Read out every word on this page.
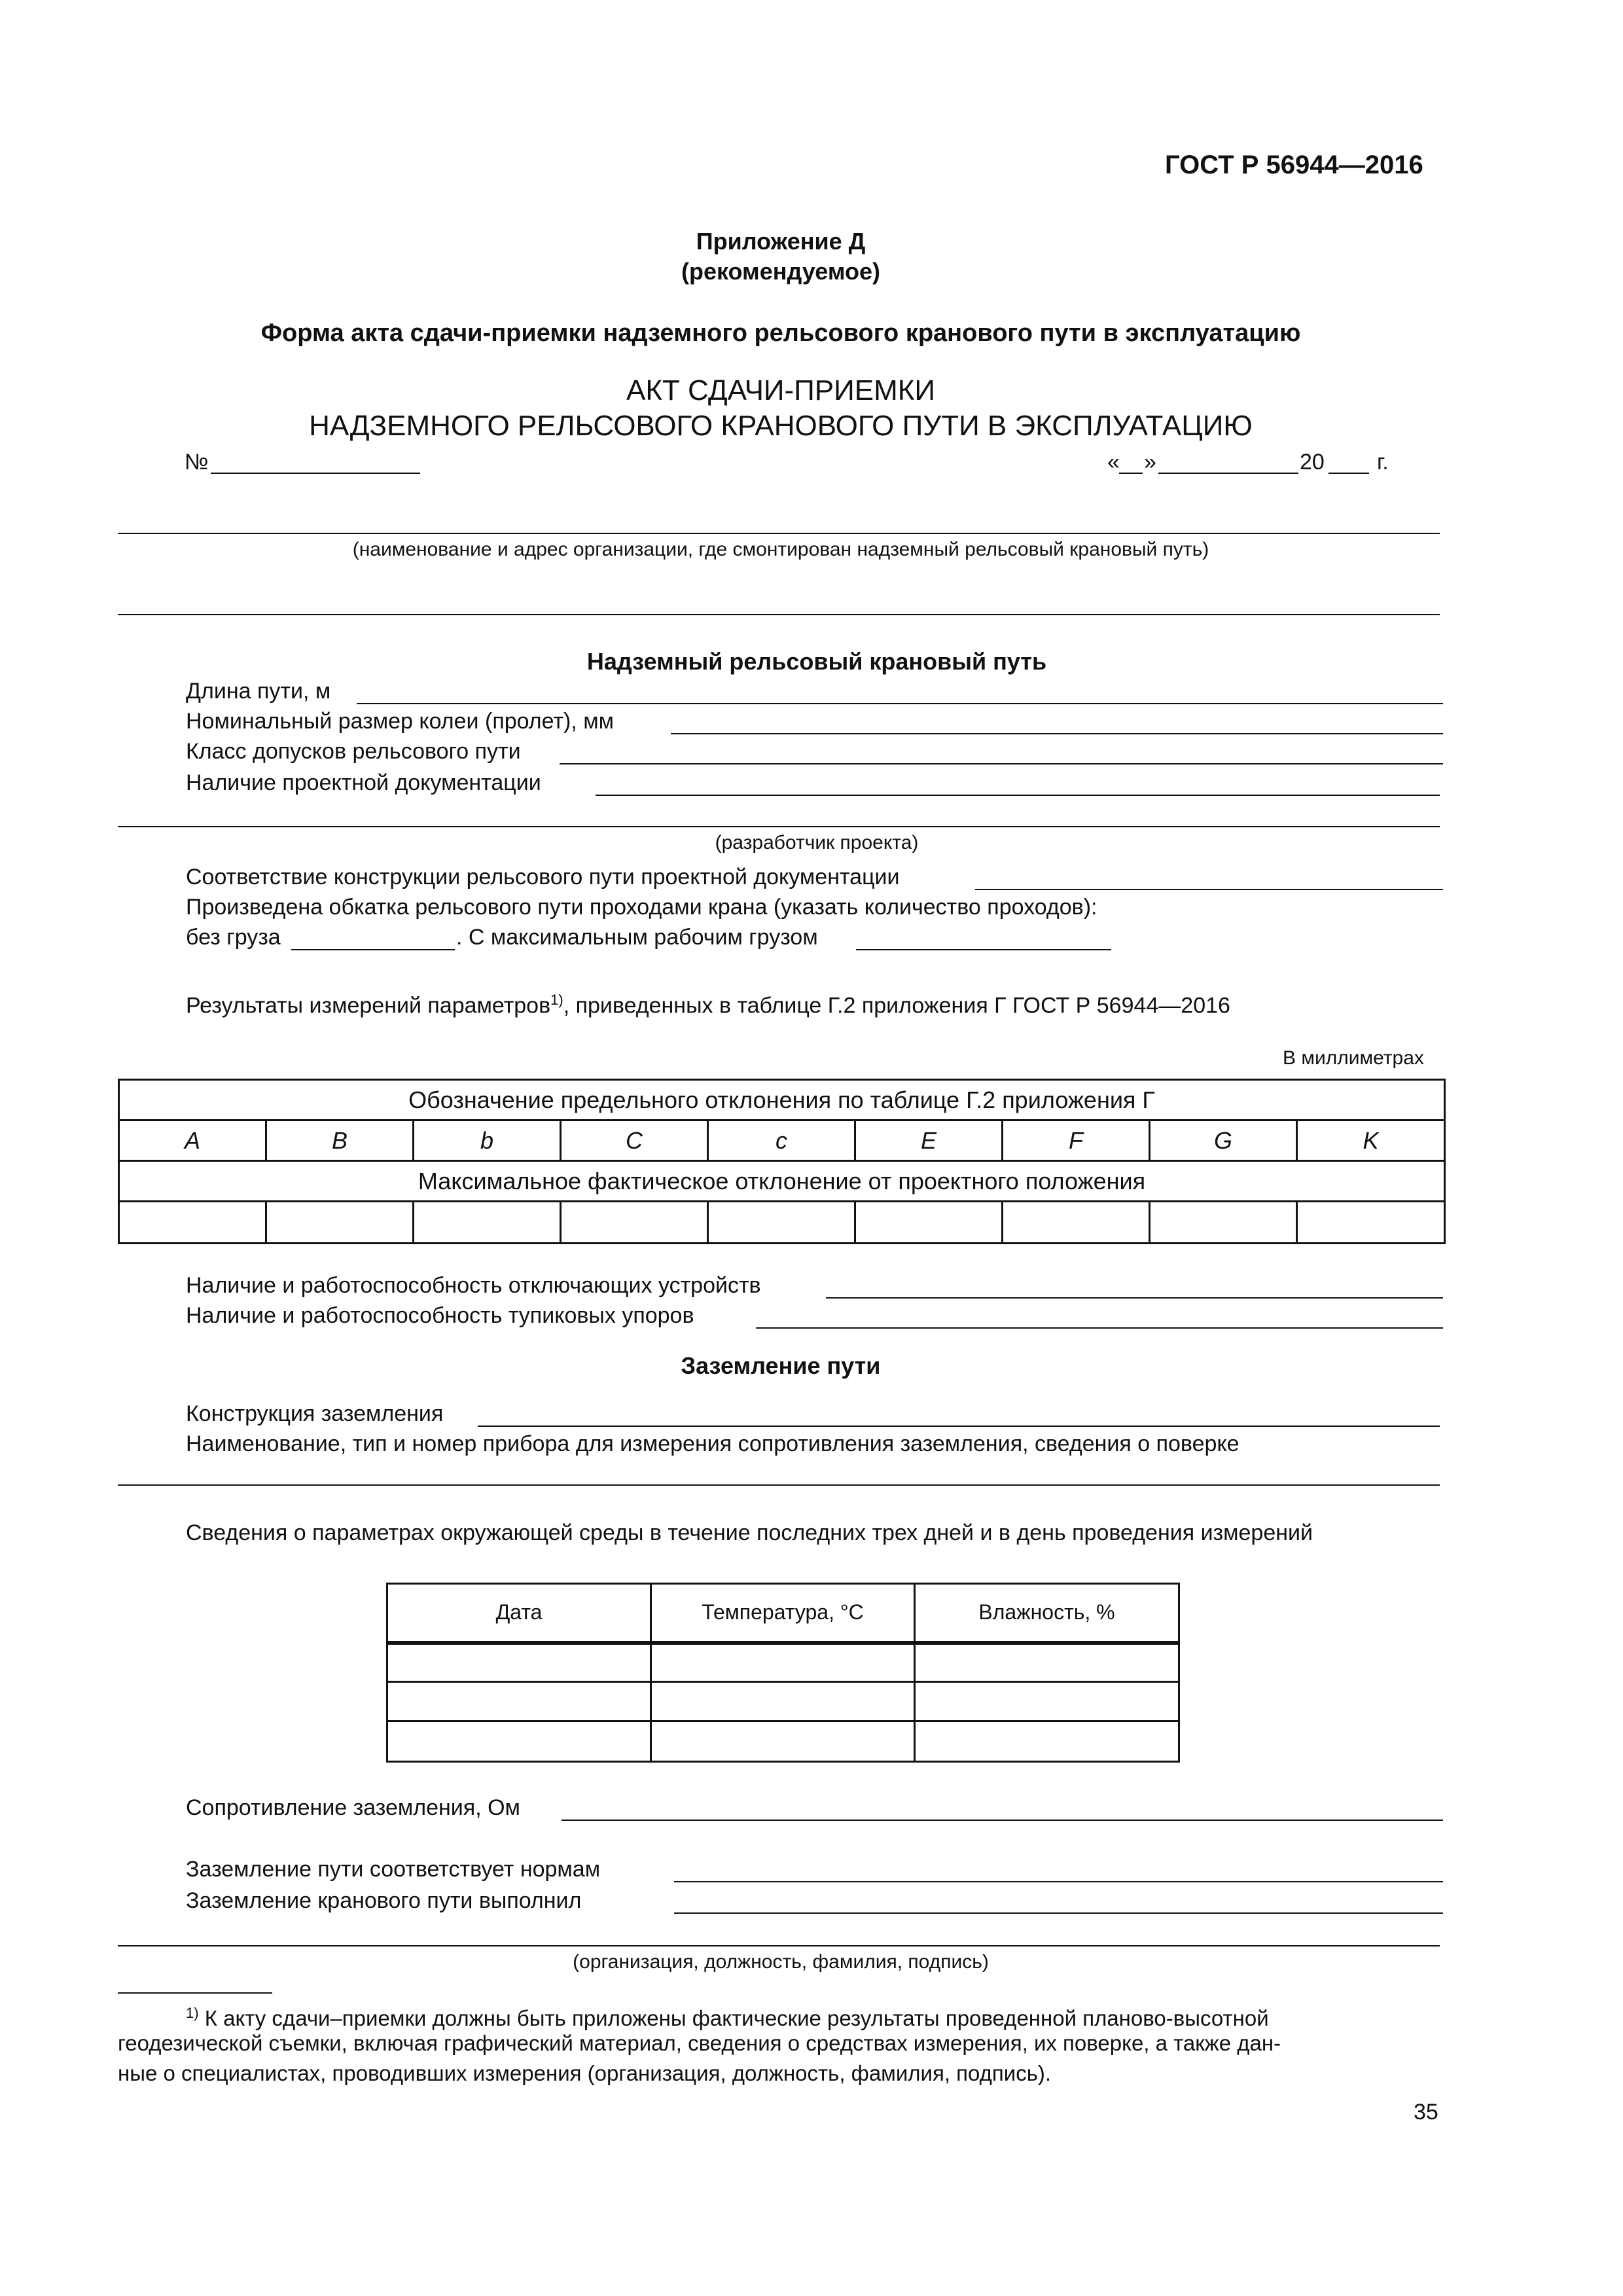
ГОСТ Р 56944—2016
Приложение Д
(рекомендуемое)
Форма акта сдачи-приемки надземного рельсового кранового пути в эксплуатацию
АКТ СДАЧИ-ПРИЕМКИ
НАДЗЕМНОГО РЕЛЬСОВОГО КРАНОВОГО ПУТИ В ЭКСПЛУАТАЦИЮ
№	« »	20 г.
(наименование и адрес организации, где смонтирован надземный рельсовый крановый путь)
Надземный рельсовый крановый путь
Длина пути, м
Номинальный размер колеи (пролет), мм
Класс допусков рельсового пути
Наличие проектной документации
(разработчик проекта)
Соответствие конструкции рельсового пути проектной документации
Произведена обкатка рельсового пути проходами крана (указать количество проходов):
без груза	. С максимальным рабочим грузом
Результаты измерений параметров$^{1)}$, приведенных в таблице Г.2 приложения Г ГОСТ Р 56944—2016
В миллиметрах
Обозначение предельного отклонения по таблице Г.2 приложения Г								
A	B	b	C	c	E	F	G	K
Максимальное фактическое отклонение от проектного положения								

Наличие и работоспособность отключающих устройств
Наличие и работоспособность тупиковых упоров
Заземление пути
Конструкция заземления
Наименование, тип и номер прибора для измерения сопротивления заземления, сведения о поверке
Сведения о параметрах окружающей среды в течение последних трех дней и в день проведения измерений
Дата	Температура, °С	Влажность, %

Сопротивление заземления, Ом
Заземление пути соответствует нормам
Заземление кранового пути выполнил
(организация, должность, фамилия, подпись)
$^{1)}$ К акту сдачи–приемки должны быть приложены фактические результаты проведенной планово-высотной
геодезической съемки, включая графический материал, сведения о средствах измерения, их поверке, а также дан-
ные о специалистах, проводивших измерения (организация, должность, фамилия, подпись).
35
